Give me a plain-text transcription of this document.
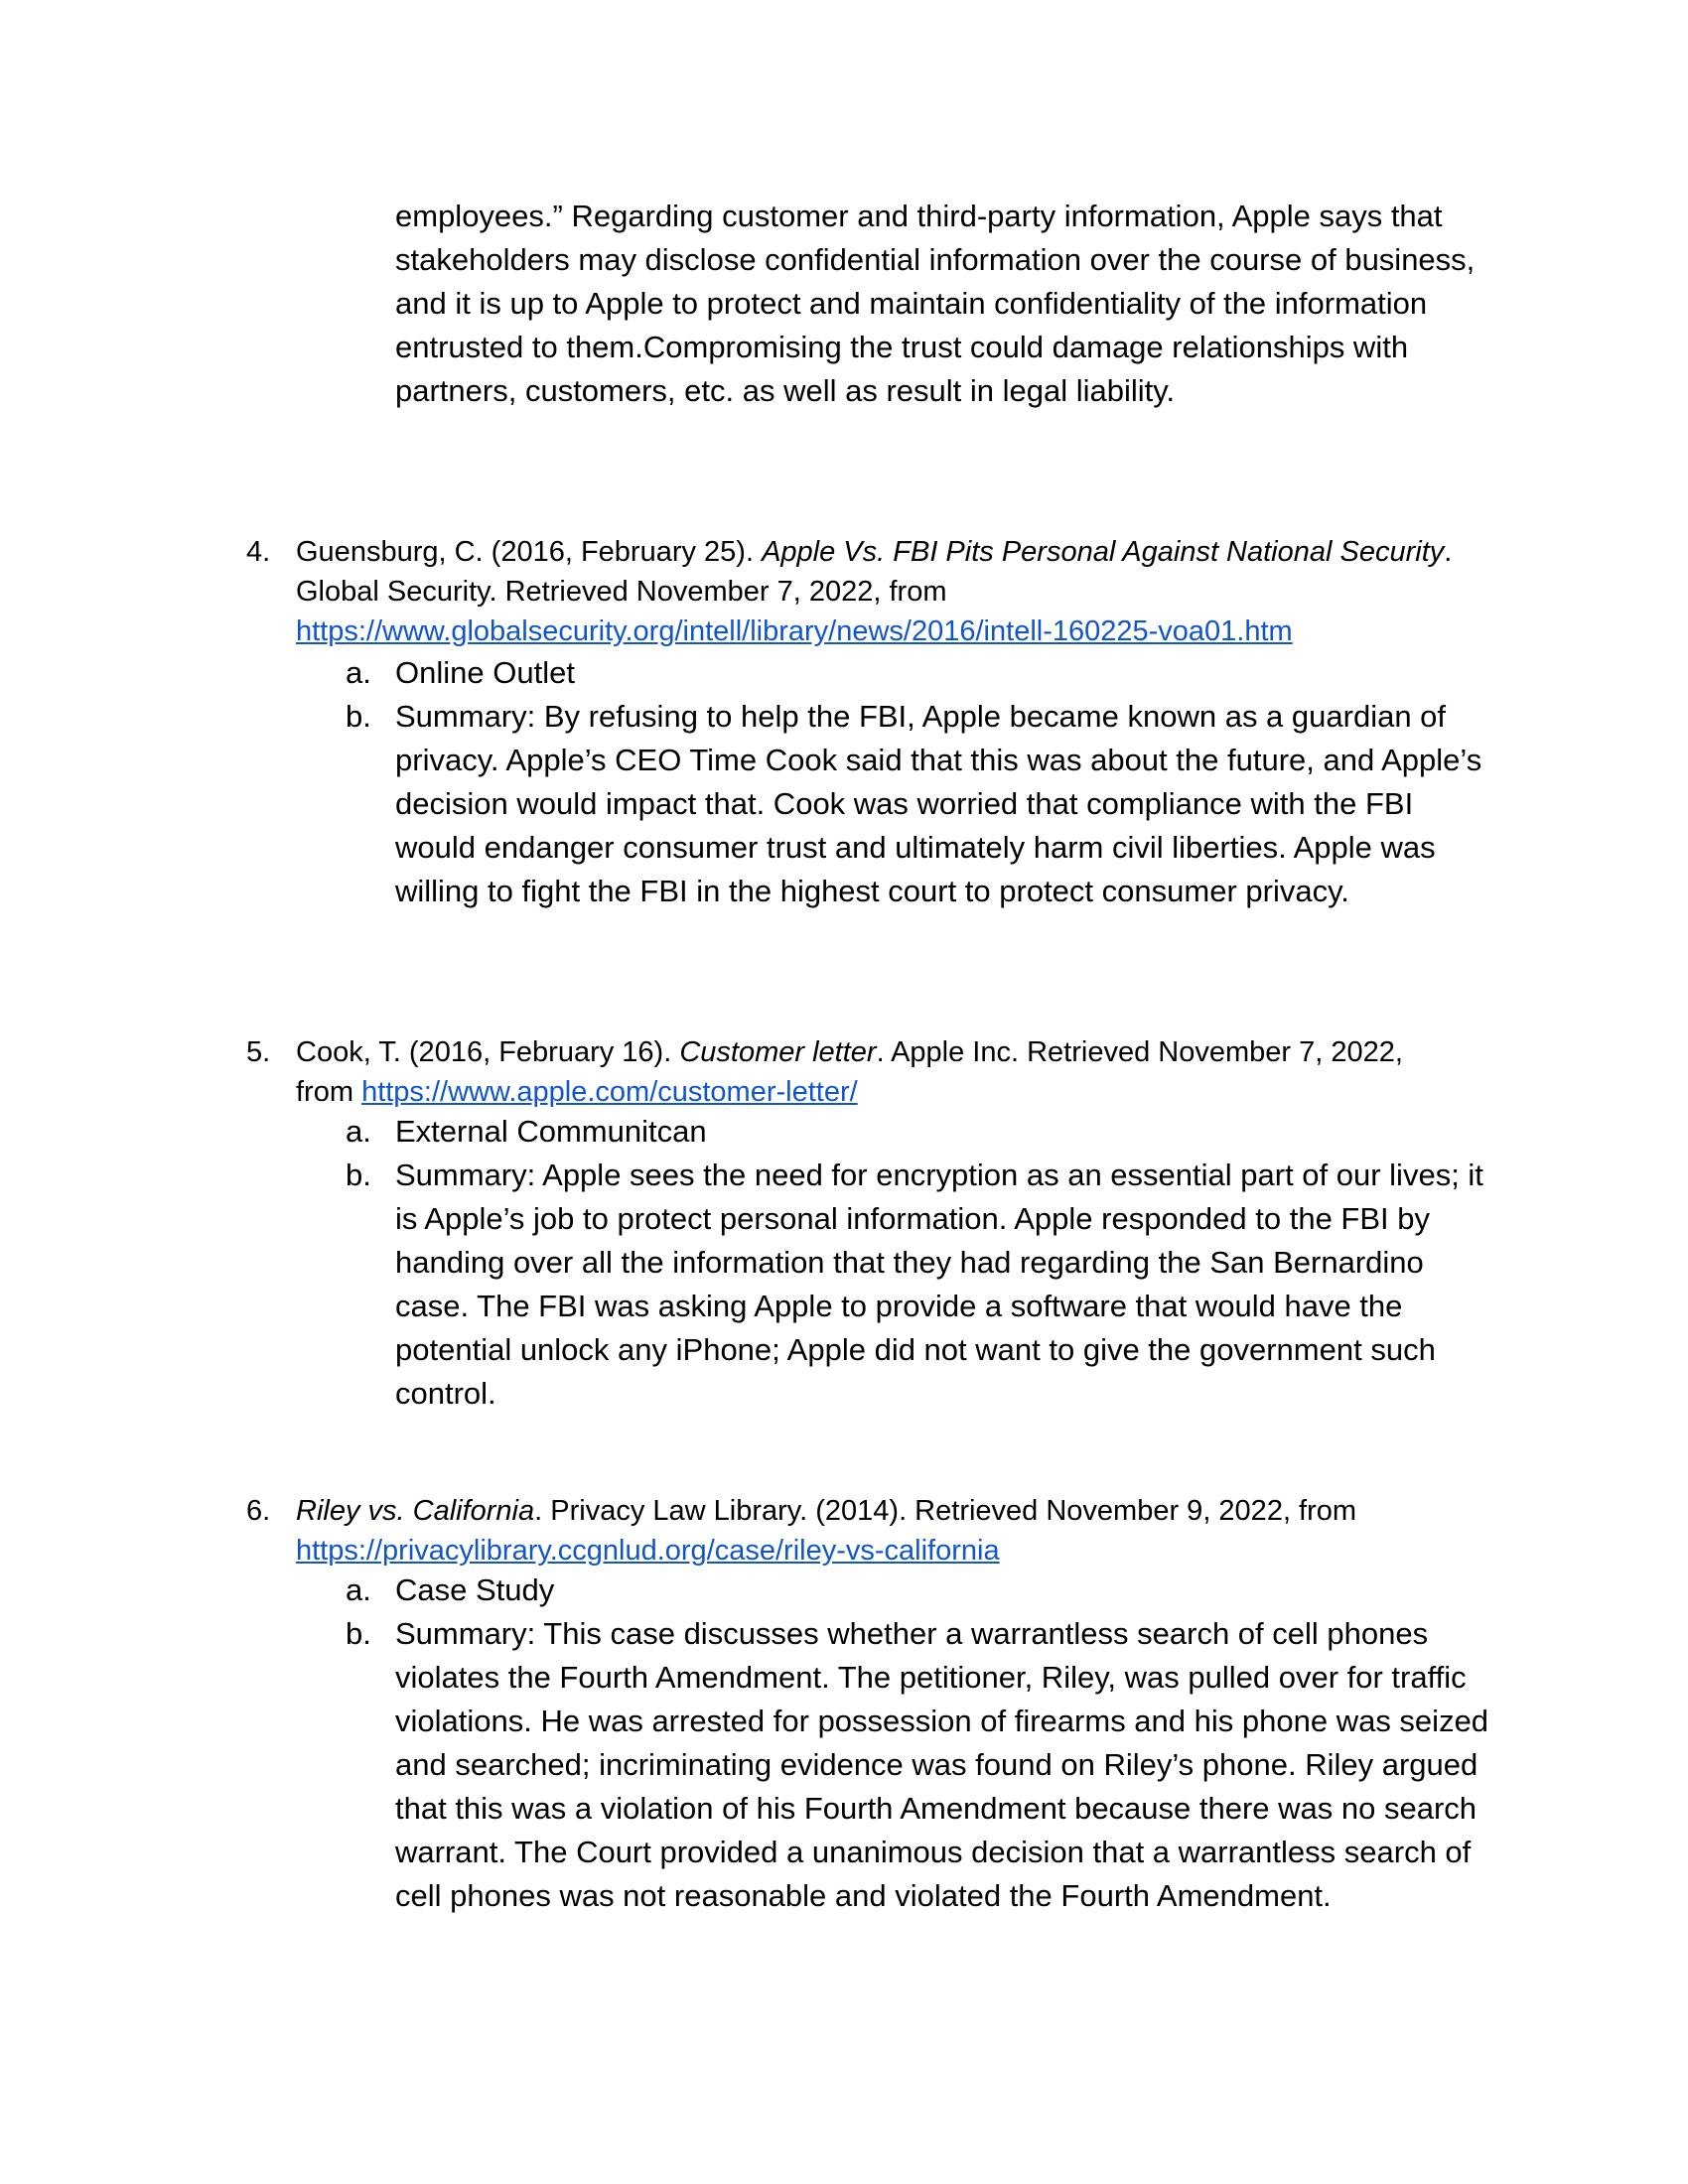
employees.” Regarding customer and third-party information, Apple says that stakeholders may disclose confidential information over the course of business, and it is up to Apple to protect and maintain confidentiality of the information entrusted to them.Compromising the trust could damage relationships with partners, customers, etc. as well as result in legal liability.

4. Guensburg, C. (2016, February 25). Apple Vs. FBI Pits Personal Against National Security. Global Security. Retrieved November 7, 2022, from
https://www.globalsecurity.org/intell/library/news/2016/intell-160225-voa01.htm

a. Online Outlet

b. Summary: By refusing to help the FBI, Apple became known as a guardian of privacy. Apple’s CEO Time Cook said that this was about the future, and Apple’s decision would impact that. Cook was worried that compliance with the FBI would endanger consumer trust and ultimately harm civil liberties. Apple was willing to fight the FBI in the highest court to protect consumer privacy.

5. Cook, T. (2016, February 16). Customer letter. Apple Inc. Retrieved November 7, 2022, from https://www.apple.com/customer-letter/

a. External Communitcan

b. Summary: Apple sees the need for encryption as an essential part of our lives; it is Apple’s job to protect personal information. Apple responded to the FBI by handing over all the information that they had regarding the San Bernardino case. The FBI was asking Apple to provide a software that would have the potential unlock any iPhone; Apple did not want to give the government such control.

6. Riley vs. California. Privacy Law Library. (2014). Retrieved November 9, 2022, from
https://privacylibrary.ccgnlud.org/case/riley-vs-california

a. Case Study

b. Summary: This case discusses whether a warrantless search of cell phones violates the Fourth Amendment. The petitioner, Riley, was pulled over for traffic violations. He was arrested for possession of firearms and his phone was seized and searched; incriminating evidence was found on Riley’s phone. Riley argued that this was a violation of his Fourth Amendment because there was no search warrant. The Court provided a unanimous decision that a warrantless search of cell phones was not reasonable and violated the Fourth Amendment.
